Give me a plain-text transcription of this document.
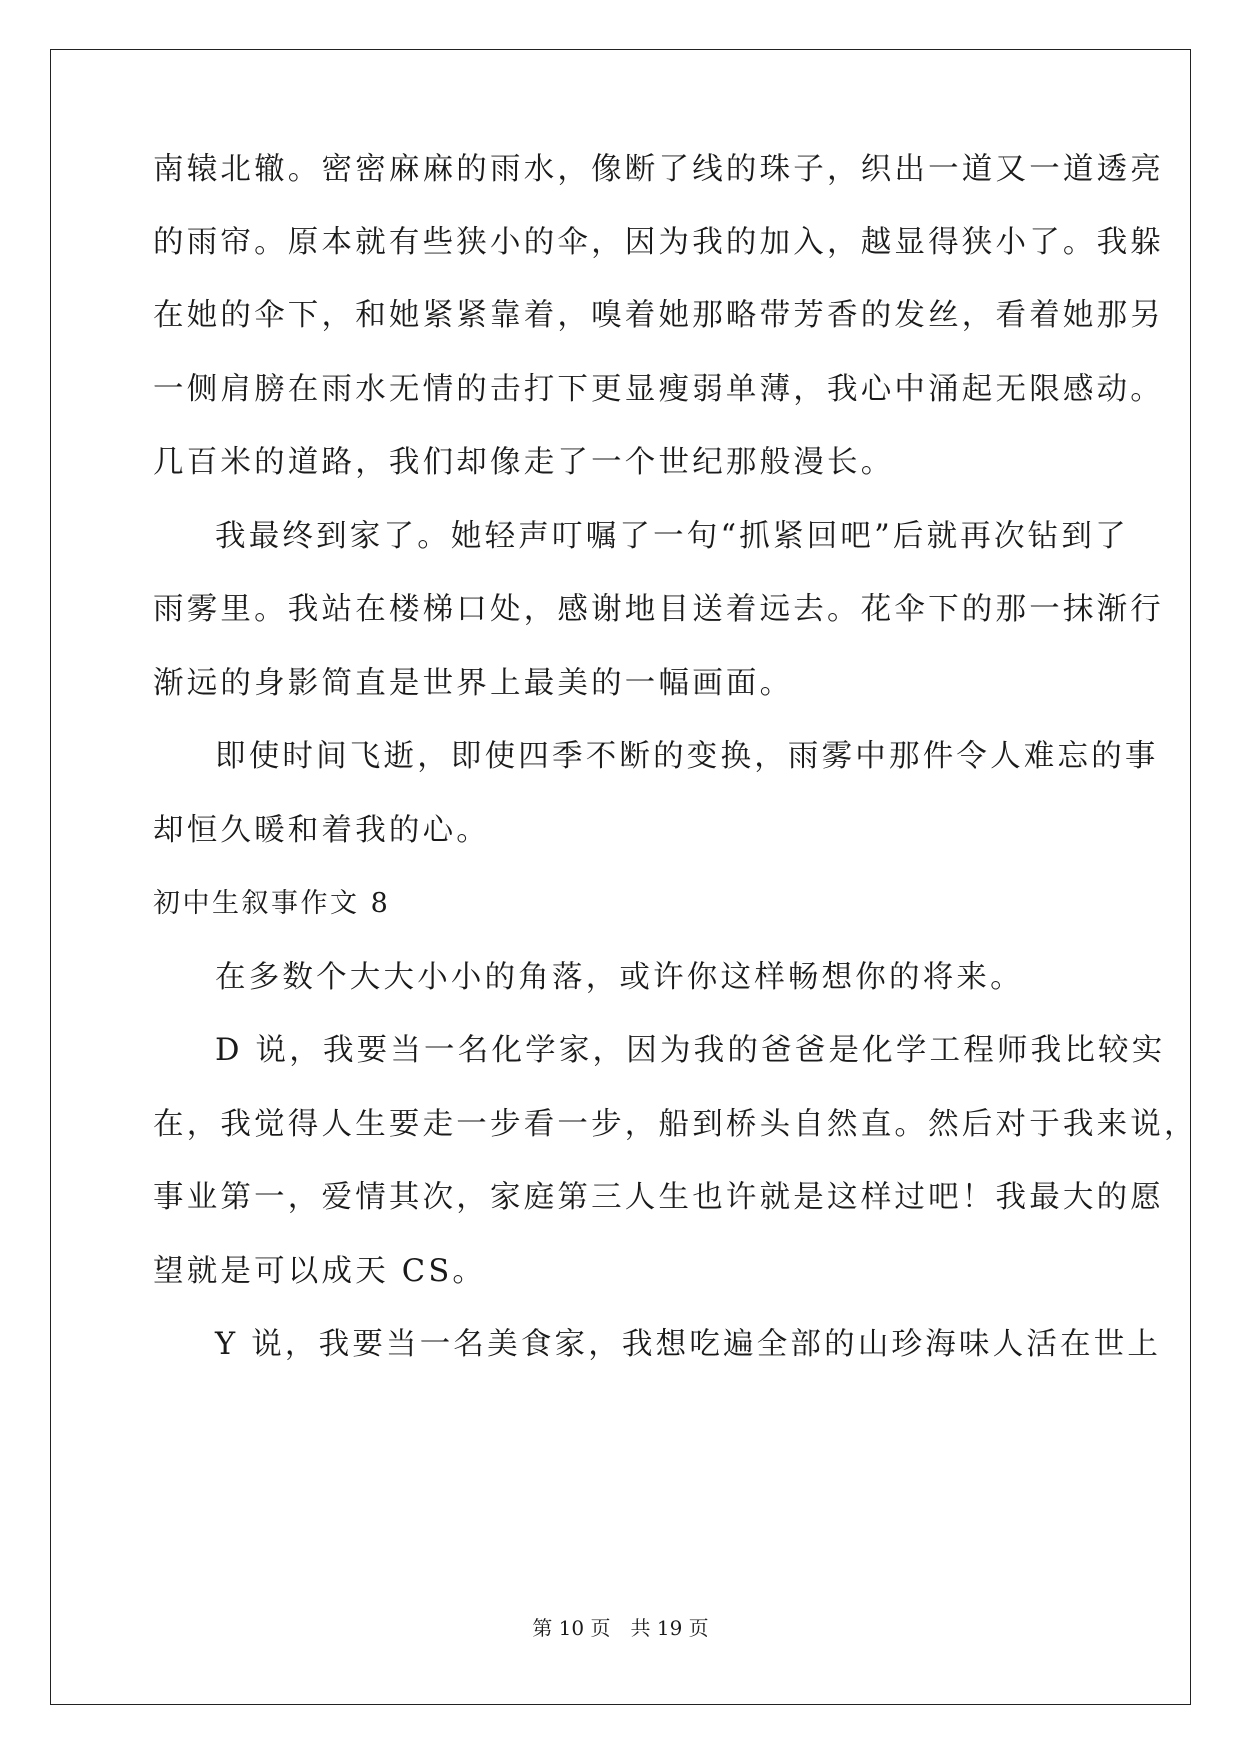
南辕北辙。密密麻麻的雨水，像断了线的珠子，织出一道又一道透亮
的雨帘。原本就有些狭小的伞，因为我的加入，越显得狭小了。我躲
在她的伞下，和她紧紧靠着，嗅着她那略带芳香的发丝，看着她那另
一侧肩膀在雨水无情的击打下更显瘦弱单薄，我心中涌起无限感动。
几百米的道路，我们却像走了一个世纪那般漫长。
我最终到家了。她轻声叮嘱了一句“抓紧回吧”后就再次钻到了
雨雾里。我站在楼梯口处，感谢地目送着远去。花伞下的那一抹渐行
渐远的身影简直是世界上最美的一幅画面。
即使时间飞逝，即使四季不断的变换，雨雾中那件令人难忘的事
却恒久暖和着我的心。
初中生叙事作文 8
在多数个大大小小的角落，或许你这样畅想你的将来。
D 说，我要当一名化学家，因为我的爸爸是化学工程师我比较实
在，我觉得人生要走一步看一步，船到桥头自然直。然后对于我来说，
事业第一，爱情其次，家庭第三人生也许就是这样过吧！我最大的愿
望就是可以成天 CS。
Y 说，我要当一名美食家，我想吃遍全部的山珍海味人活在世上
第 10 页　共 19 页
